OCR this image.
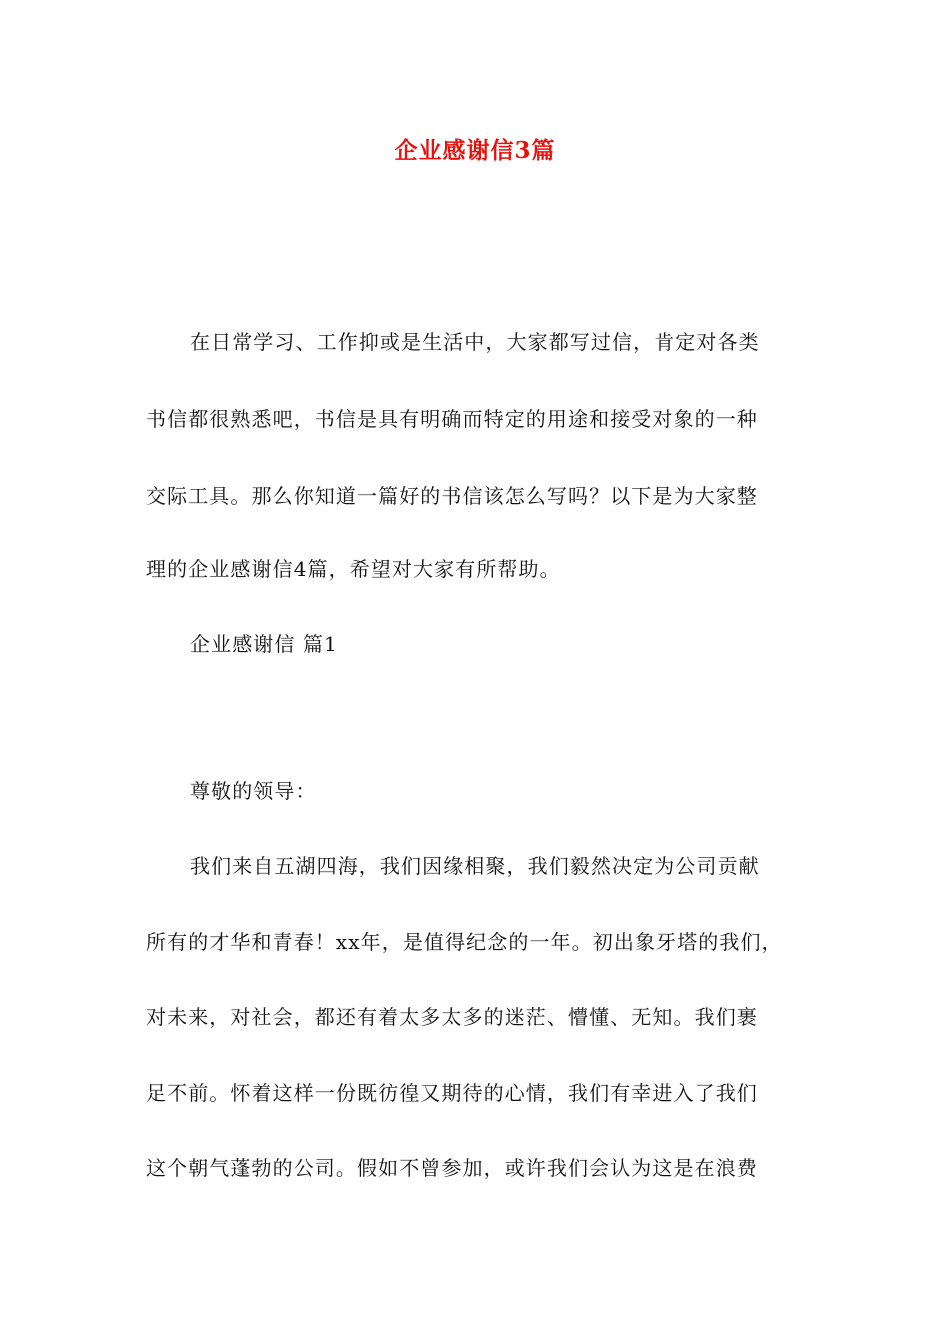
企业感谢信3篇
在日常学习、工作抑或是生活中，大家都写过信，肯定对各类
书信都很熟悉吧，书信是具有明确而特定的用途和接受对象的一种
交际工具。那么你知道一篇好的书信该怎么写吗？以下是为大家整
理的企业感谢信4篇，希望对大家有所帮助。
企业感谢信 篇1
尊敬的领导：
我们来自五湖四海，我们因缘相聚，我们毅然决定为公司贡献
所有的才华和青春！xx年，是值得纪念的一年。初出象牙塔的我们，
对未来，对社会，都还有着太多太多的迷茫、懵懂、无知。我们裹
足不前。怀着这样一份既彷徨又期待的心情，我们有幸进入了我们
这个朝气蓬勃的公司。假如不曾参加，或许我们会认为这是在浪费
